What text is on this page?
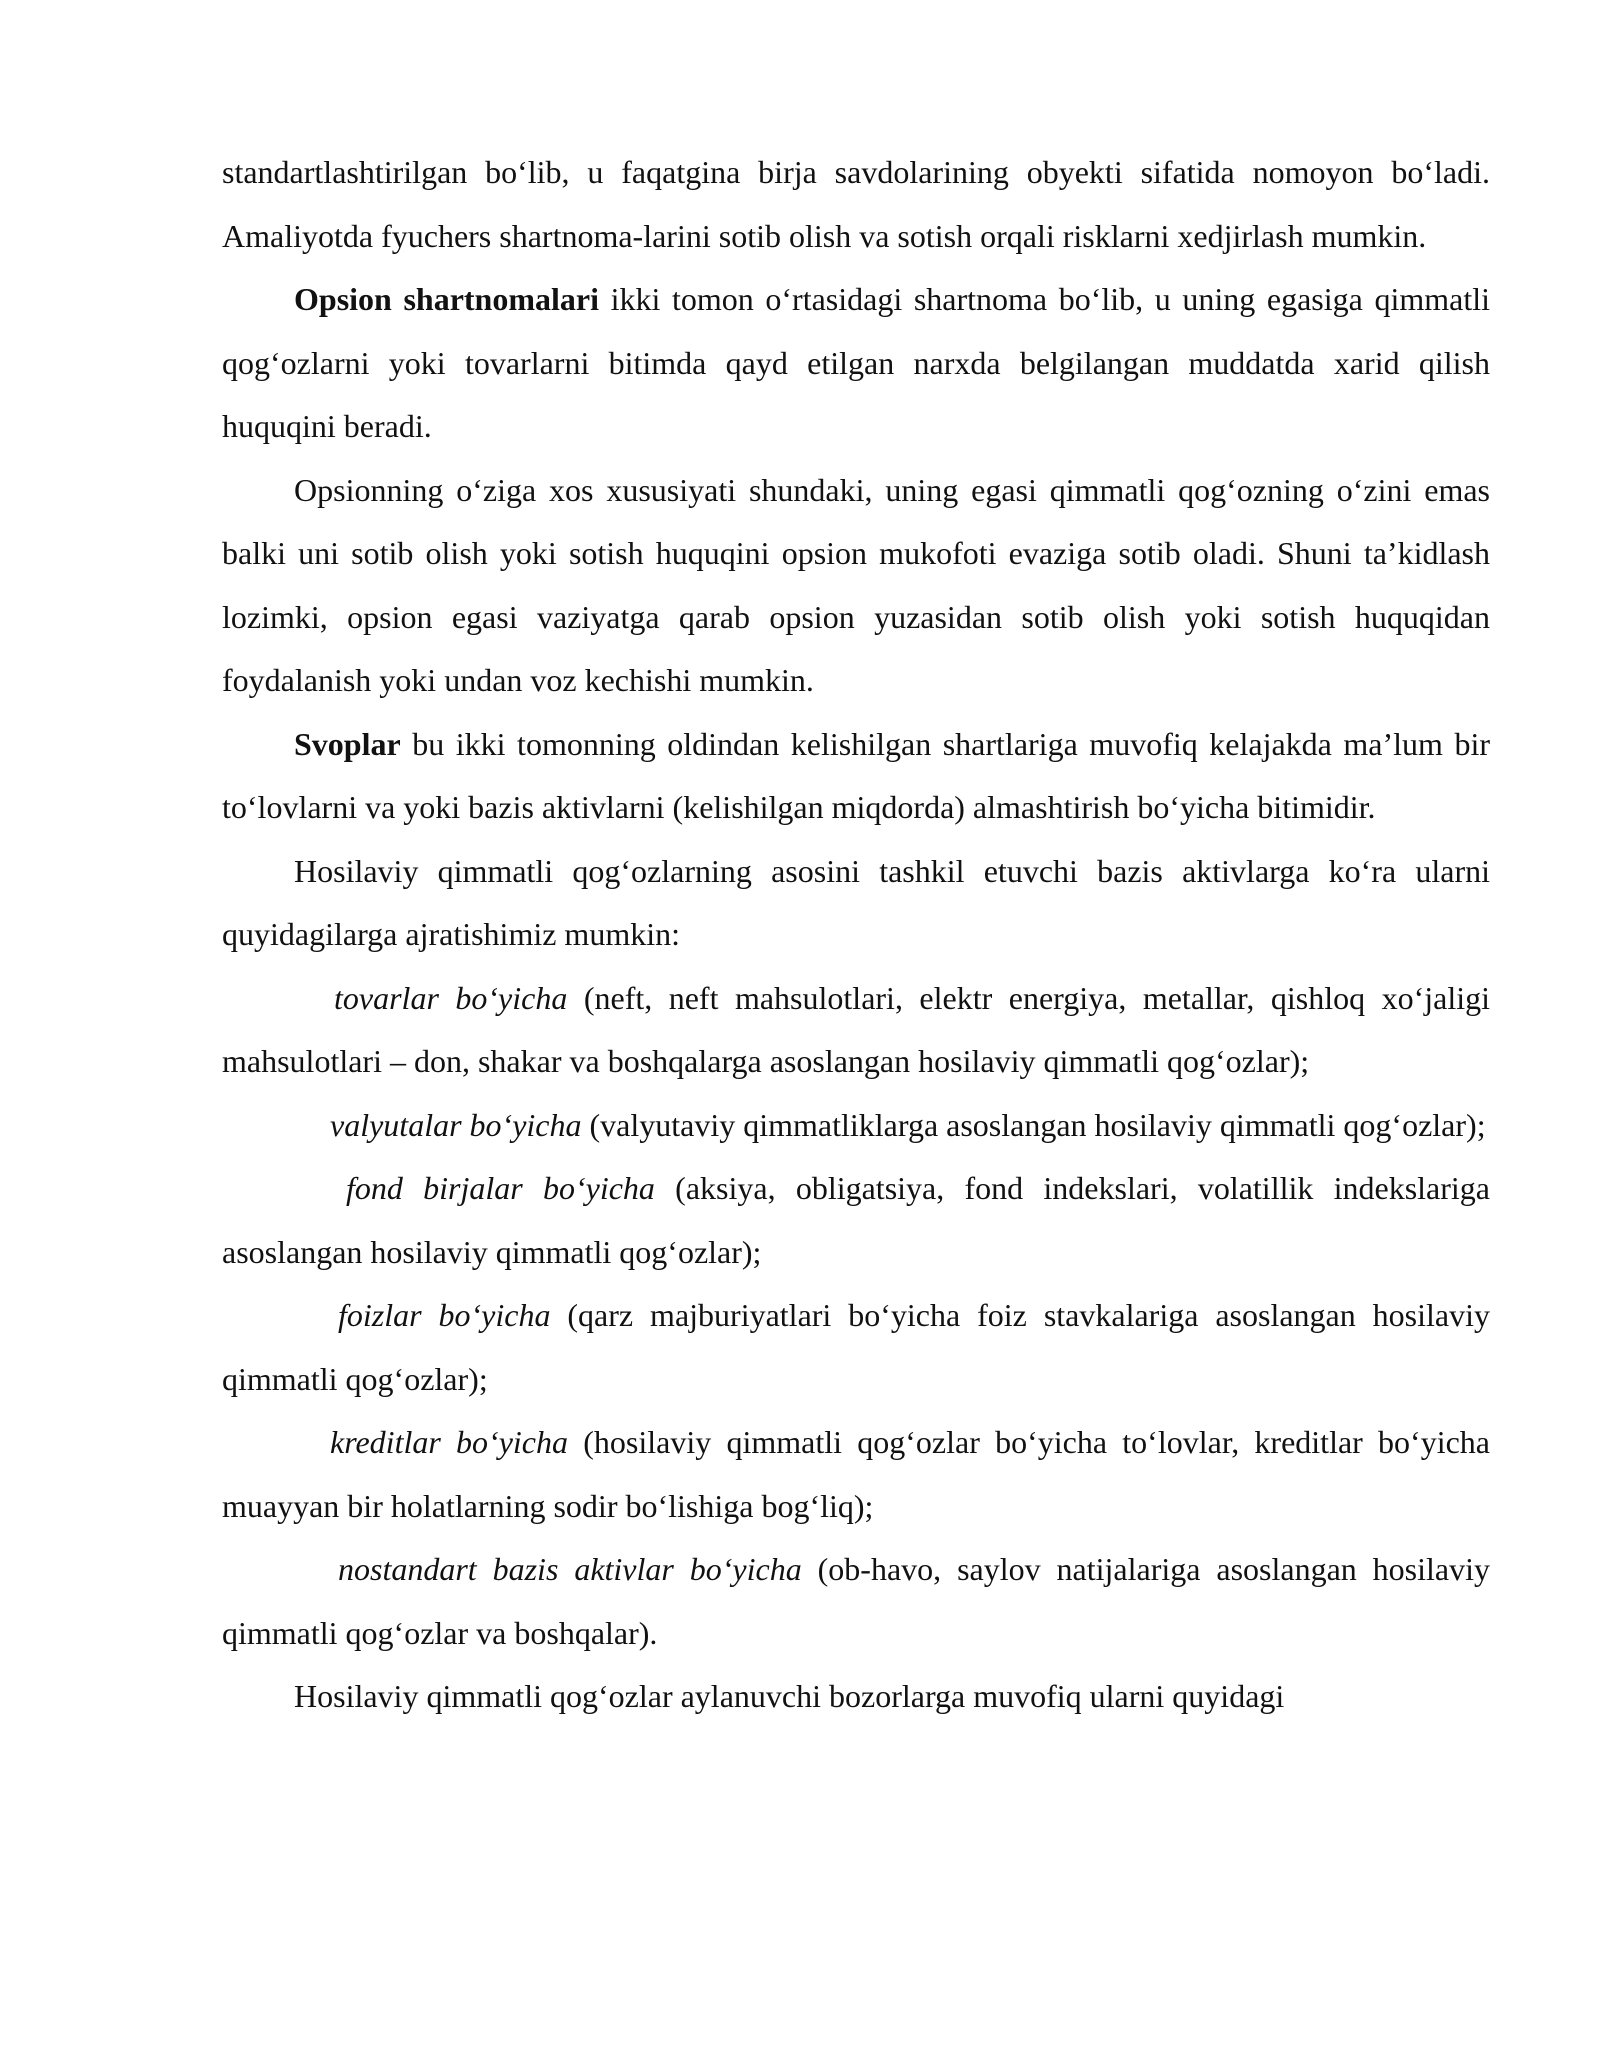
standartlashtirilgan bo‘lib, u faqatgina birja savdolarining obyekti sifatida nomoyon bo‘ladi. Amaliyotda fyuchers shartnoma-larini sotib olish va sotish orqali risklarni xedjirlash mumkin.

Opsion shartnomalari ikki tomon o‘rtasidagi shartnoma bo‘lib, u uning egasiga qimmatli qog‘ozlarni yoki tovarlarni bitimda qayd etilgan narxda belgilangan muddatda xarid qilish huquqini beradi.

Opsionning o‘ziga xos xususiyati shundaki, uning egasi qimmatli qog‘ozning o‘zini emas balki uni sotib olish yoki sotish huquqini opsion mukofoti evaziga sotib oladi. Shuni ta’kidlash lozimki, opsion egasi vaziyatga qarab opsion yuzasidan sotib olish yoki sotish huquqidan foydalanish yoki undan voz kechishi mumkin.

Svoplar bu ikki tomonning oldindan kelishilgan shartlariga muvofiq kelajakda ma’lum bir to‘lovlarni va yoki bazis aktivlarni (kelishilgan miqdorda) almashtirish bo‘yicha bitimidir.

Hosilaviy qimmatli qog‘ozlarning asosini tashkil etuvchi bazis aktivlarga ko‘ra ularni quyidagilarga ajratishimiz mumkin:

tovarlar bo‘yicha (neft, neft mahsulotlari, elektr energiya, metallar, qishloq xo‘jaligi mahsulotlari – don, shakar va boshqalarga asoslangan hosilaviy qimmatli qog‘ozlar);

valyutalar bo‘yicha (valyutaviy qimmatliklarga asoslangan hosilaviy qimmatli qog‘ozlar);

fond birjalar bo‘yicha (aksiya, obligatsiya, fond indekslari, volatillik indekslariga asoslangan hosilaviy qimmatli qog‘ozlar);

foizlar bo‘yicha (qarz majburiyatlari bo‘yicha foiz stavkalariga asoslangan hosilaviy qimmatli qog‘ozlar);

kreditlar bo‘yicha (hosilaviy qimmatli qog‘ozlar bo‘yicha to‘lovlar, kreditlar bo‘yicha muayyan bir holatlarning sodir bo‘lishiga bog‘liq);

nostandart bazis aktivlar bo‘yicha (ob-havo, saylov natijalariga asoslangan hosilaviy qimmatli qog‘ozlar va boshqalar).

Hosilaviy qimmatli qog‘ozlar aylanuvchi bozorlarga muvofiq ularni quyidagi
